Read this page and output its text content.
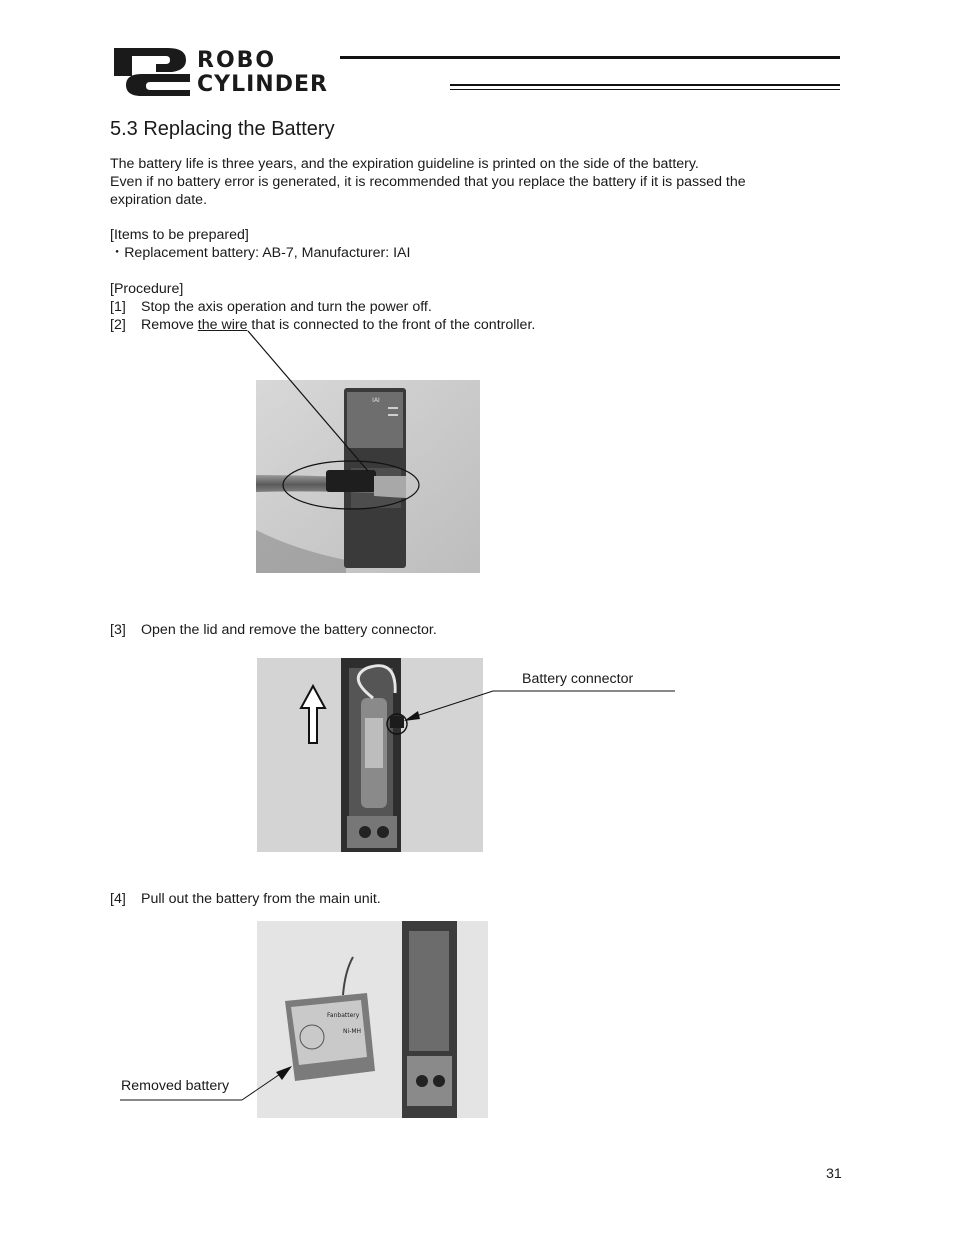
ROBO
CYLINDER
5.3 Replacing the Battery
The battery life is three years, and the expiration guideline is printed on the side of the battery.
Even if no battery error is generated, it is recommended that you replace the battery if it is passed the
expiration date.
[Items to be prepared]
・Replacement battery: AB-7, Manufacturer: IAI
[Procedure]
[1] Stop the axis operation and turn the power off.
[2] Remove the wire that is connected to the front of the controller.
IAI
[3] Open the lid and remove the battery connector.
Battery connector
[4] Pull out the battery from the main unit.
Fanbattery
Ni-MH
Removed battery
31
